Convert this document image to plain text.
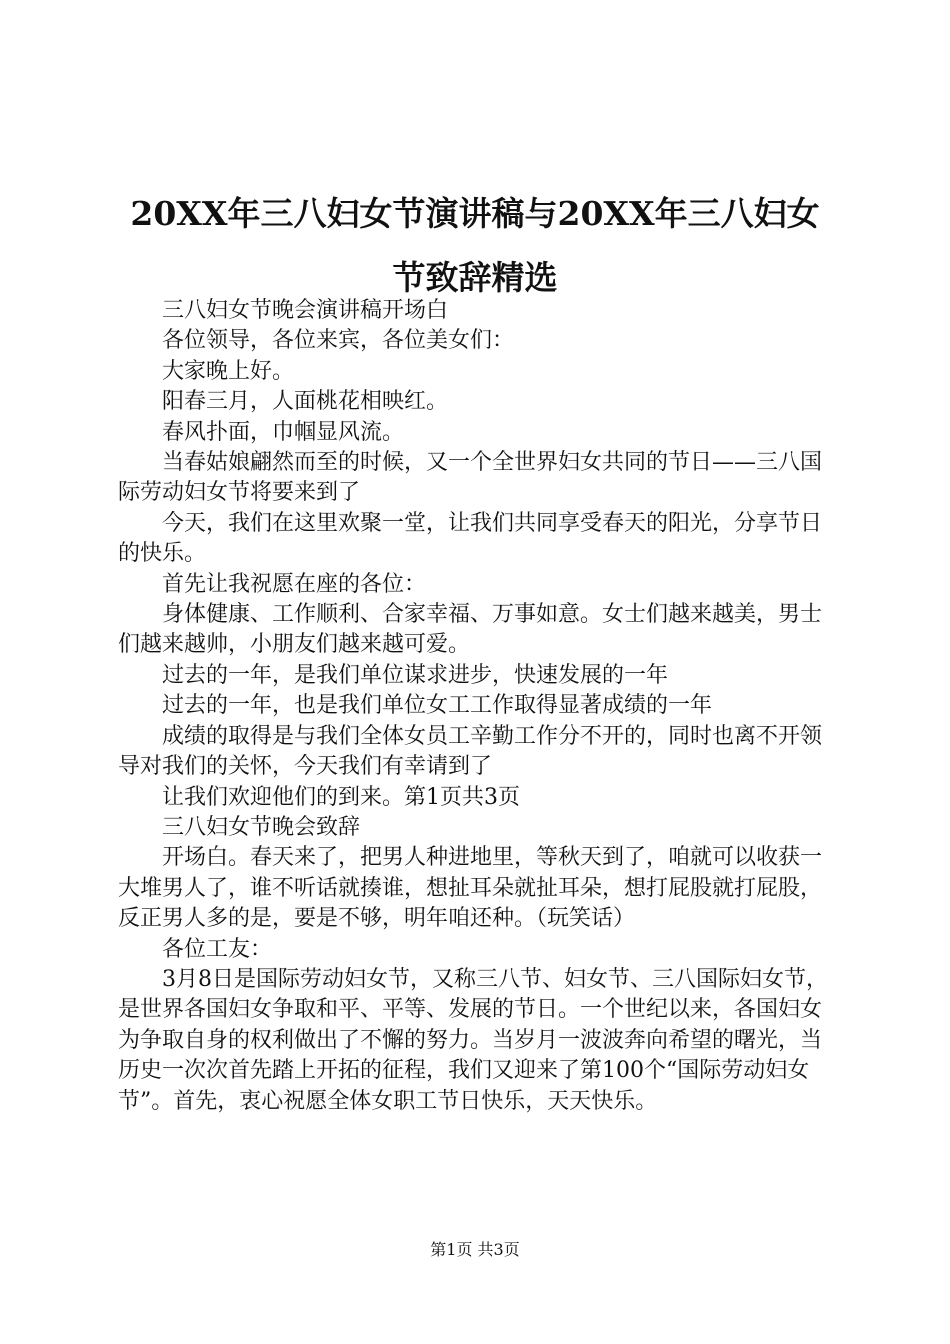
20XX年三八妇女节演讲稿与20XX年三八妇女
节致辞精选

三八妇女节晚会演讲稿开场白

各位领导，各位来宾，各位美女们：

大家晚上好。

阳春三月，人面桃花相映红。

春风扑面，巾帼显风流。

当春姑娘翩然而至的时候，又一个全世界妇女共同的节日——三八国际劳动妇女节将要来到了

今天，我们在这里欢聚一堂，让我们共同享受春天的阳光，分享节日的快乐。

首先让我祝愿在座的各位：

身体健康、工作顺利、合家幸福、万事如意。女士们越来越美，男士们越来越帅，小朋友们越来越可爱。

过去的一年，是我们单位谋求进步，快速发展的一年

过去的一年，也是我们单位女工工作取得显著成绩的一年

成绩的取得是与我们全体女员工辛勤工作分不开的，同时也离不开领导对我们的关怀，今天我们有幸请到了

让我们欢迎他们的到来。第1页共3页

三八妇女节晚会致辞

开场白。春天来了，把男人种进地里，等秋天到了，咱就可以收获一大堆男人了，谁不听话就揍谁，想扯耳朵就扯耳朵，想打屁股就打屁股，反正男人多的是，要是不够，明年咱还种。（玩笑话）

各位工友：

3月8日是国际劳动妇女节，又称三八节、妇女节、三八国际妇女节，是世界各国妇女争取和平、平等、发展的节日。一个世纪以来，各国妇女为争取自身的权利做出了不懈的努力。当岁月一波波奔向希望的曙光，当历史一次次首先踏上开拓的征程，我们又迎来了第100个“国际劳动妇女节”。首先，衷心祝愿全体女职工节日快乐，天天快乐。

第1页 共3页
